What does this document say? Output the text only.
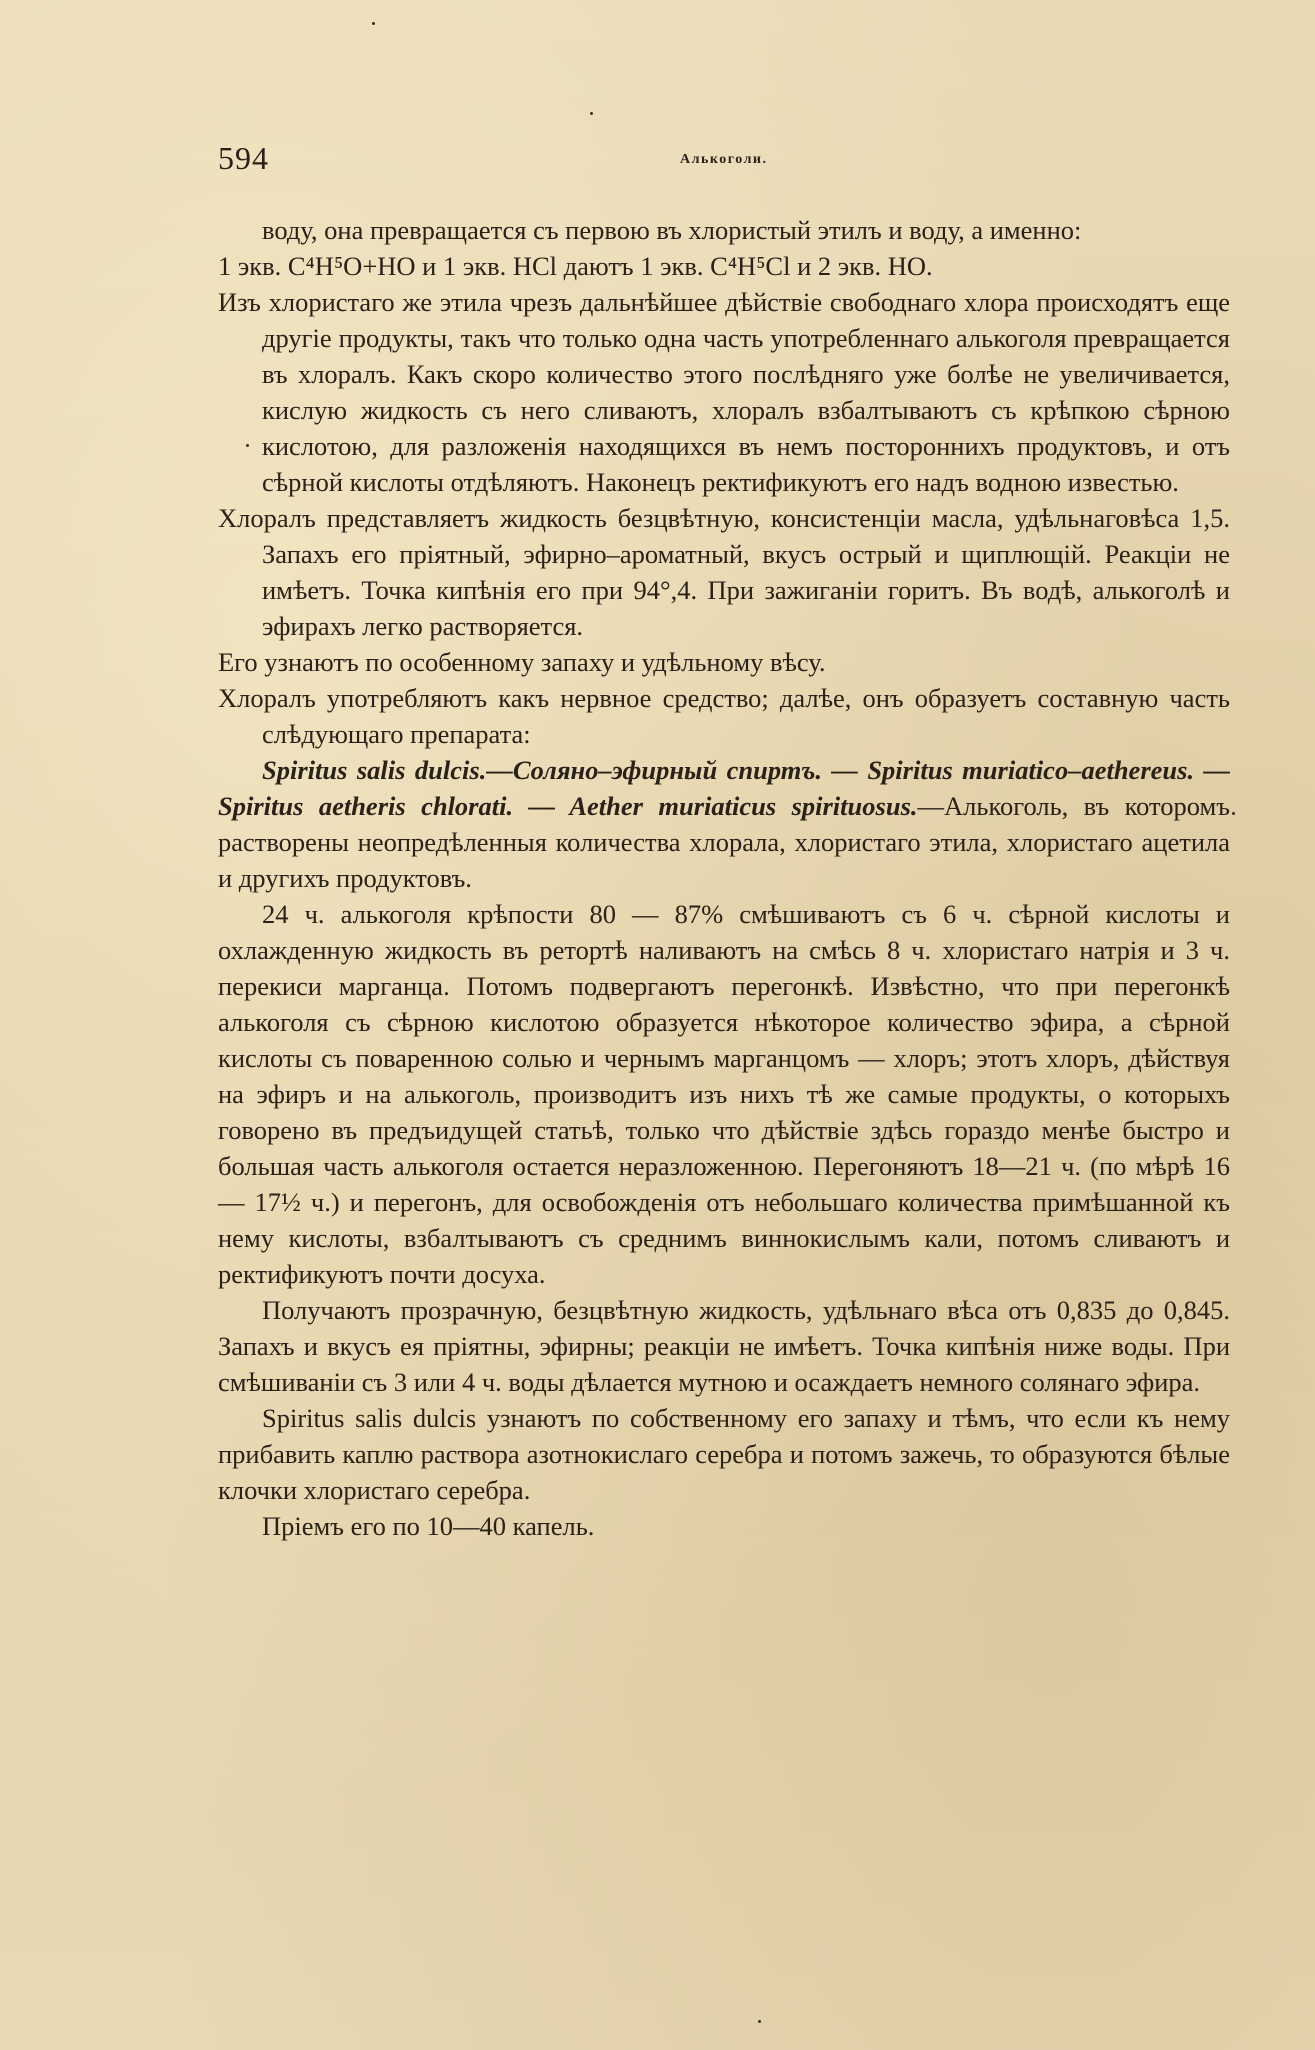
594	Алькоголи.

воду, она превращается съ первою въ хлористый этилъ и воду, а именно:

1 экв. C⁴H⁵O+HO и 1 экв. HCl даютъ 1 экв. C⁴H⁵Cl и 2 экв. HO.

Изъ хлористаго же этила чрезъ дальнѣйшее дѣйствіе свободнаго хлора происходятъ еще другіе продукты, такъ что только одна часть употребленнаго алькоголя превращается въ хлоралъ. Какъ скоро количество этого послѣдняго уже болѣе не увеличивается, кислую жидкость съ него сливаютъ, хлоралъ взбалтываютъ съ крѣпкою сѣрною кислотою, для разложенія находящихся въ немъ постороннихъ продуктовъ, и отъ сѣрной кислоты отдѣляютъ. Наконецъ ректификуютъ его надъ водною известью.

Хлоралъ представляетъ жидкость безцвѣтную, консистенціи масла, удѣльнаговѣса 1,5. Запахъ его пріятный, эфирно–ароматный, вкусъ острый и щиплющій. Реакціи не имѣетъ. Точка кипѣнія его при 94°,4. При зажиганіи горитъ. Въ водѣ, алькоголѣ и эфирахъ легко растворяется.

Его узнаютъ по особенному запаху и удѣльному вѣсу.

Хлоралъ употребляютъ какъ нервное средство; далѣе, онъ образуетъ составную часть слѣдующаго препарата:

Spiritus salis dulcis.—Соляно–эфирный спиртъ. — Spiritus muriatico–aethereus. — Spiritus aetheris chlorati. — Aether muriaticus spirituosus.—Алькоголь, въ которомъ растворены неопредѣленныя количества хлорала, хлористаго этила, хлористаго ацетила и другихъ продуктовъ.

24 ч. алькоголя крѣпости 80 — 87% смѣшиваютъ съ 6 ч. сѣрной кислоты и охлажденную жидкость въ ретортѣ наливаютъ на смѣсь 8 ч. хлористаго натрія и 3 ч. перекиси марганца. Потомъ подвергаютъ перегонкѣ. Извѣстно, что при перегонкѣ алькоголя съ сѣрною кислотою образуется нѣкоторое количество эфира, а сѣрной кислоты съ поваренною солью и чернымъ марганцомъ — хлоръ; этотъ хлоръ, дѣйствуя на эфиръ и на алькоголь, производитъ изъ нихъ тѣ же самые продукты, о которыхъ говорено въ предъидущей статьѣ, только что дѣйствіе здѣсь гораздо менѣе быстро и большая часть алькоголя остается неразложенною. Перегоняютъ 18—21 ч. (по мѣрѣ 16 — 17½ ч.) и перегонъ, для освобожденія отъ небольшаго количества примѣшанной къ нему кислоты, взбалтываютъ съ среднимъ виннокислымъ кали, потомъ сливаютъ и ректификуютъ почти досуха.

Получаютъ прозрачную, безцвѣтную жидкость, удѣльнаго вѣса отъ 0,835 до 0,845. Запахъ и вкусъ ея пріятны, эфирны; реакціи не имѣетъ. Точка кипѣнія ниже воды. При смѣшиваніи съ 3 или 4 ч. воды дѣлается мутною и осаждаетъ немного солянаго эфира.

Spiritus salis dulcis узнаютъ по собственному его запаху и тѣмъ, что если къ нему прибавить каплю раствора азотнокислаго серебра и потомъ зажечь, то образуются бѣлые клочки хлористаго серебра.

Пріемъ его по 10—40 капель.
